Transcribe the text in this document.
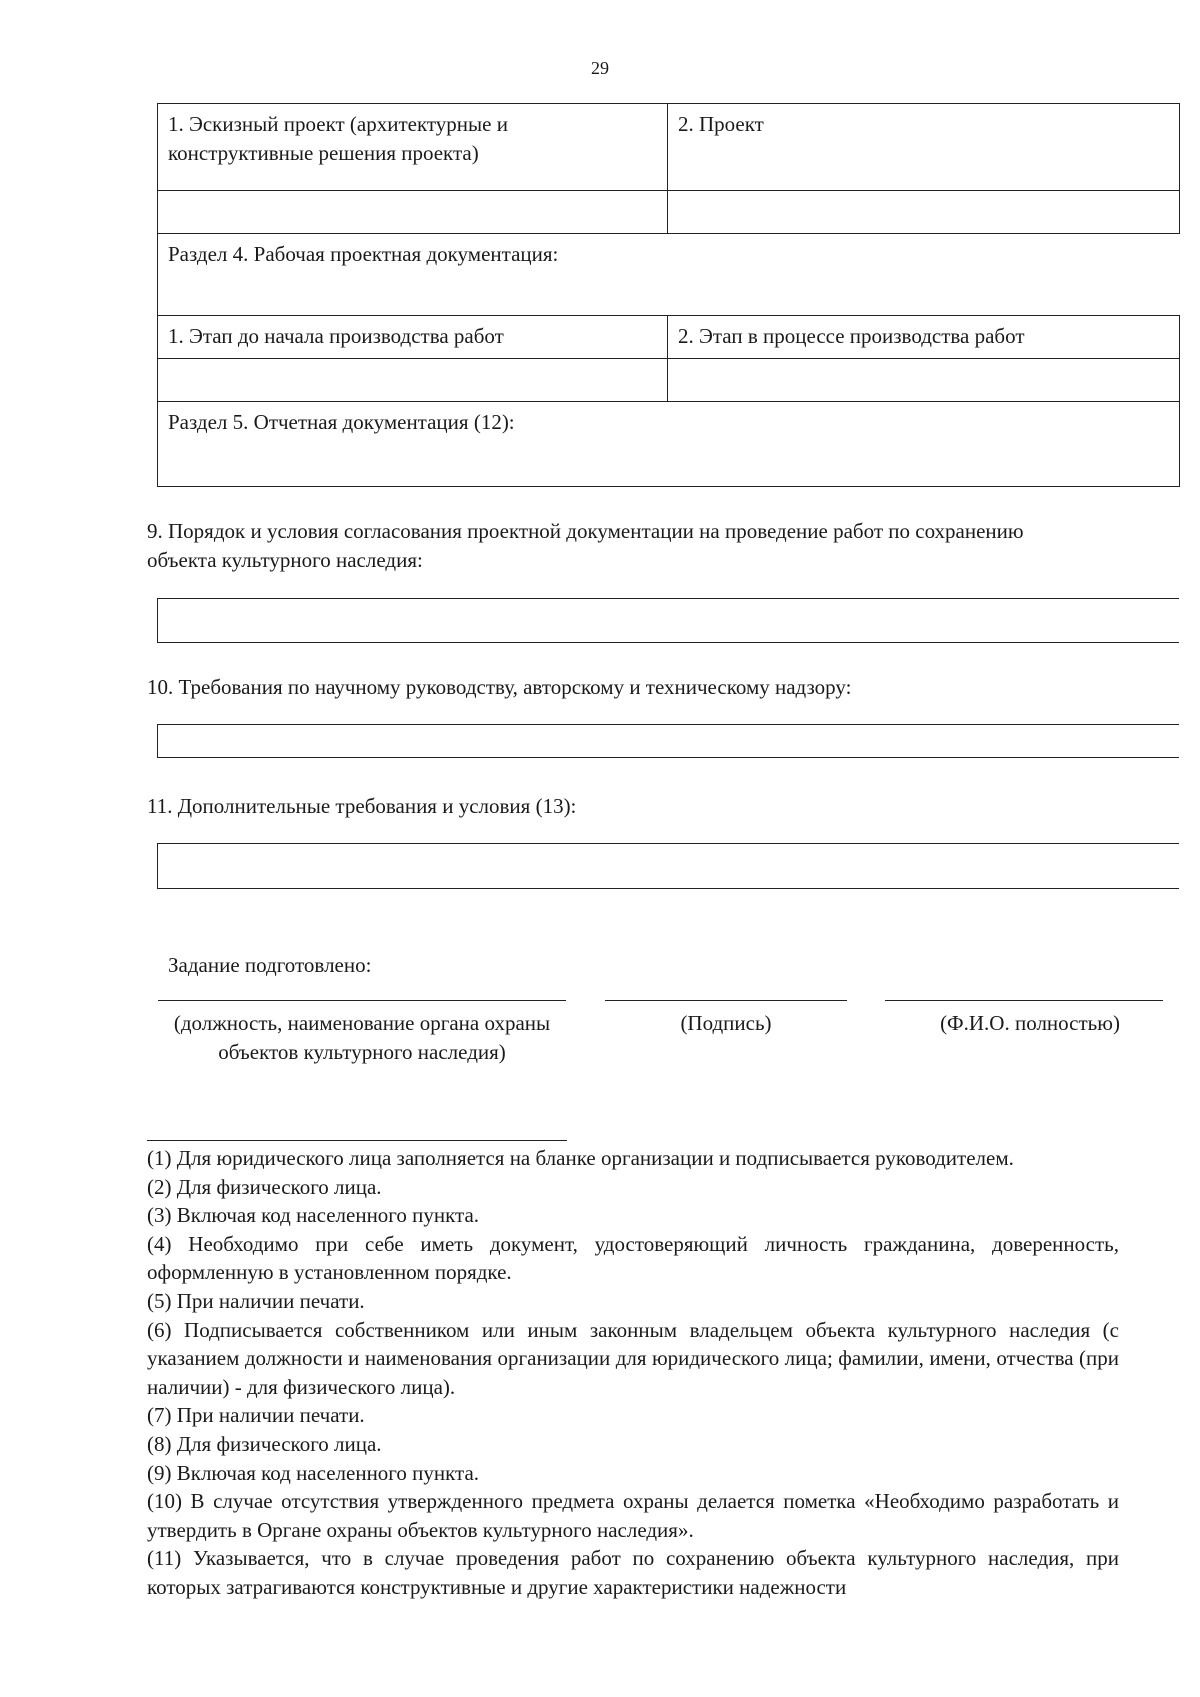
29
1. Эскизный проект (архитектурные и конструктивные решения проекта)	2. Проект

Раздел 4. Рабочая проектная документация:	
1. Этап до начала производства работ	2. Этап в процессе производства работ

Раздел 5. Отчетная документация (12):	
9. Порядок и условия согласования проектной документации на проведение работ по сохранению объекта культурного наследия:
10. Требования по научному руководству, авторскому и техническому надзору:
11. Дополнительные требования и условия (13):
Задание подготовлено:
(должность, наименование органа охраны объектов культурного наследия)
(Подпись)	(Ф.И.О. полностью)
(1) Для юридического лица заполняется на бланке организации и подписывается руководителем.
(2) Для физического лица.
(3) Включая код населенного пункта.
(4) Необходимо при себе иметь документ, удостоверяющий личность гражданина, доверенность, оформленную в установленном порядке.
(5) При наличии печати.
(6) Подписывается собственником или иным законным владельцем объекта культурного наследия (с указанием должности и наименования организации для юридического лица; фамилии, имени, отчества (при наличии) - для физического лица).
(7) При наличии печати.
(8) Для физического лица.
(9) Включая код населенного пункта.
(10) В случае отсутствия утвержденного предмета охраны делается пометка «Необходимо разработать и утвердить в Органе охраны объектов культурного наследия».
(11) Указывается, что в случае проведения работ по сохранению объекта культурного наследия, при которых затрагиваются конструктивные и другие характеристики надежности
